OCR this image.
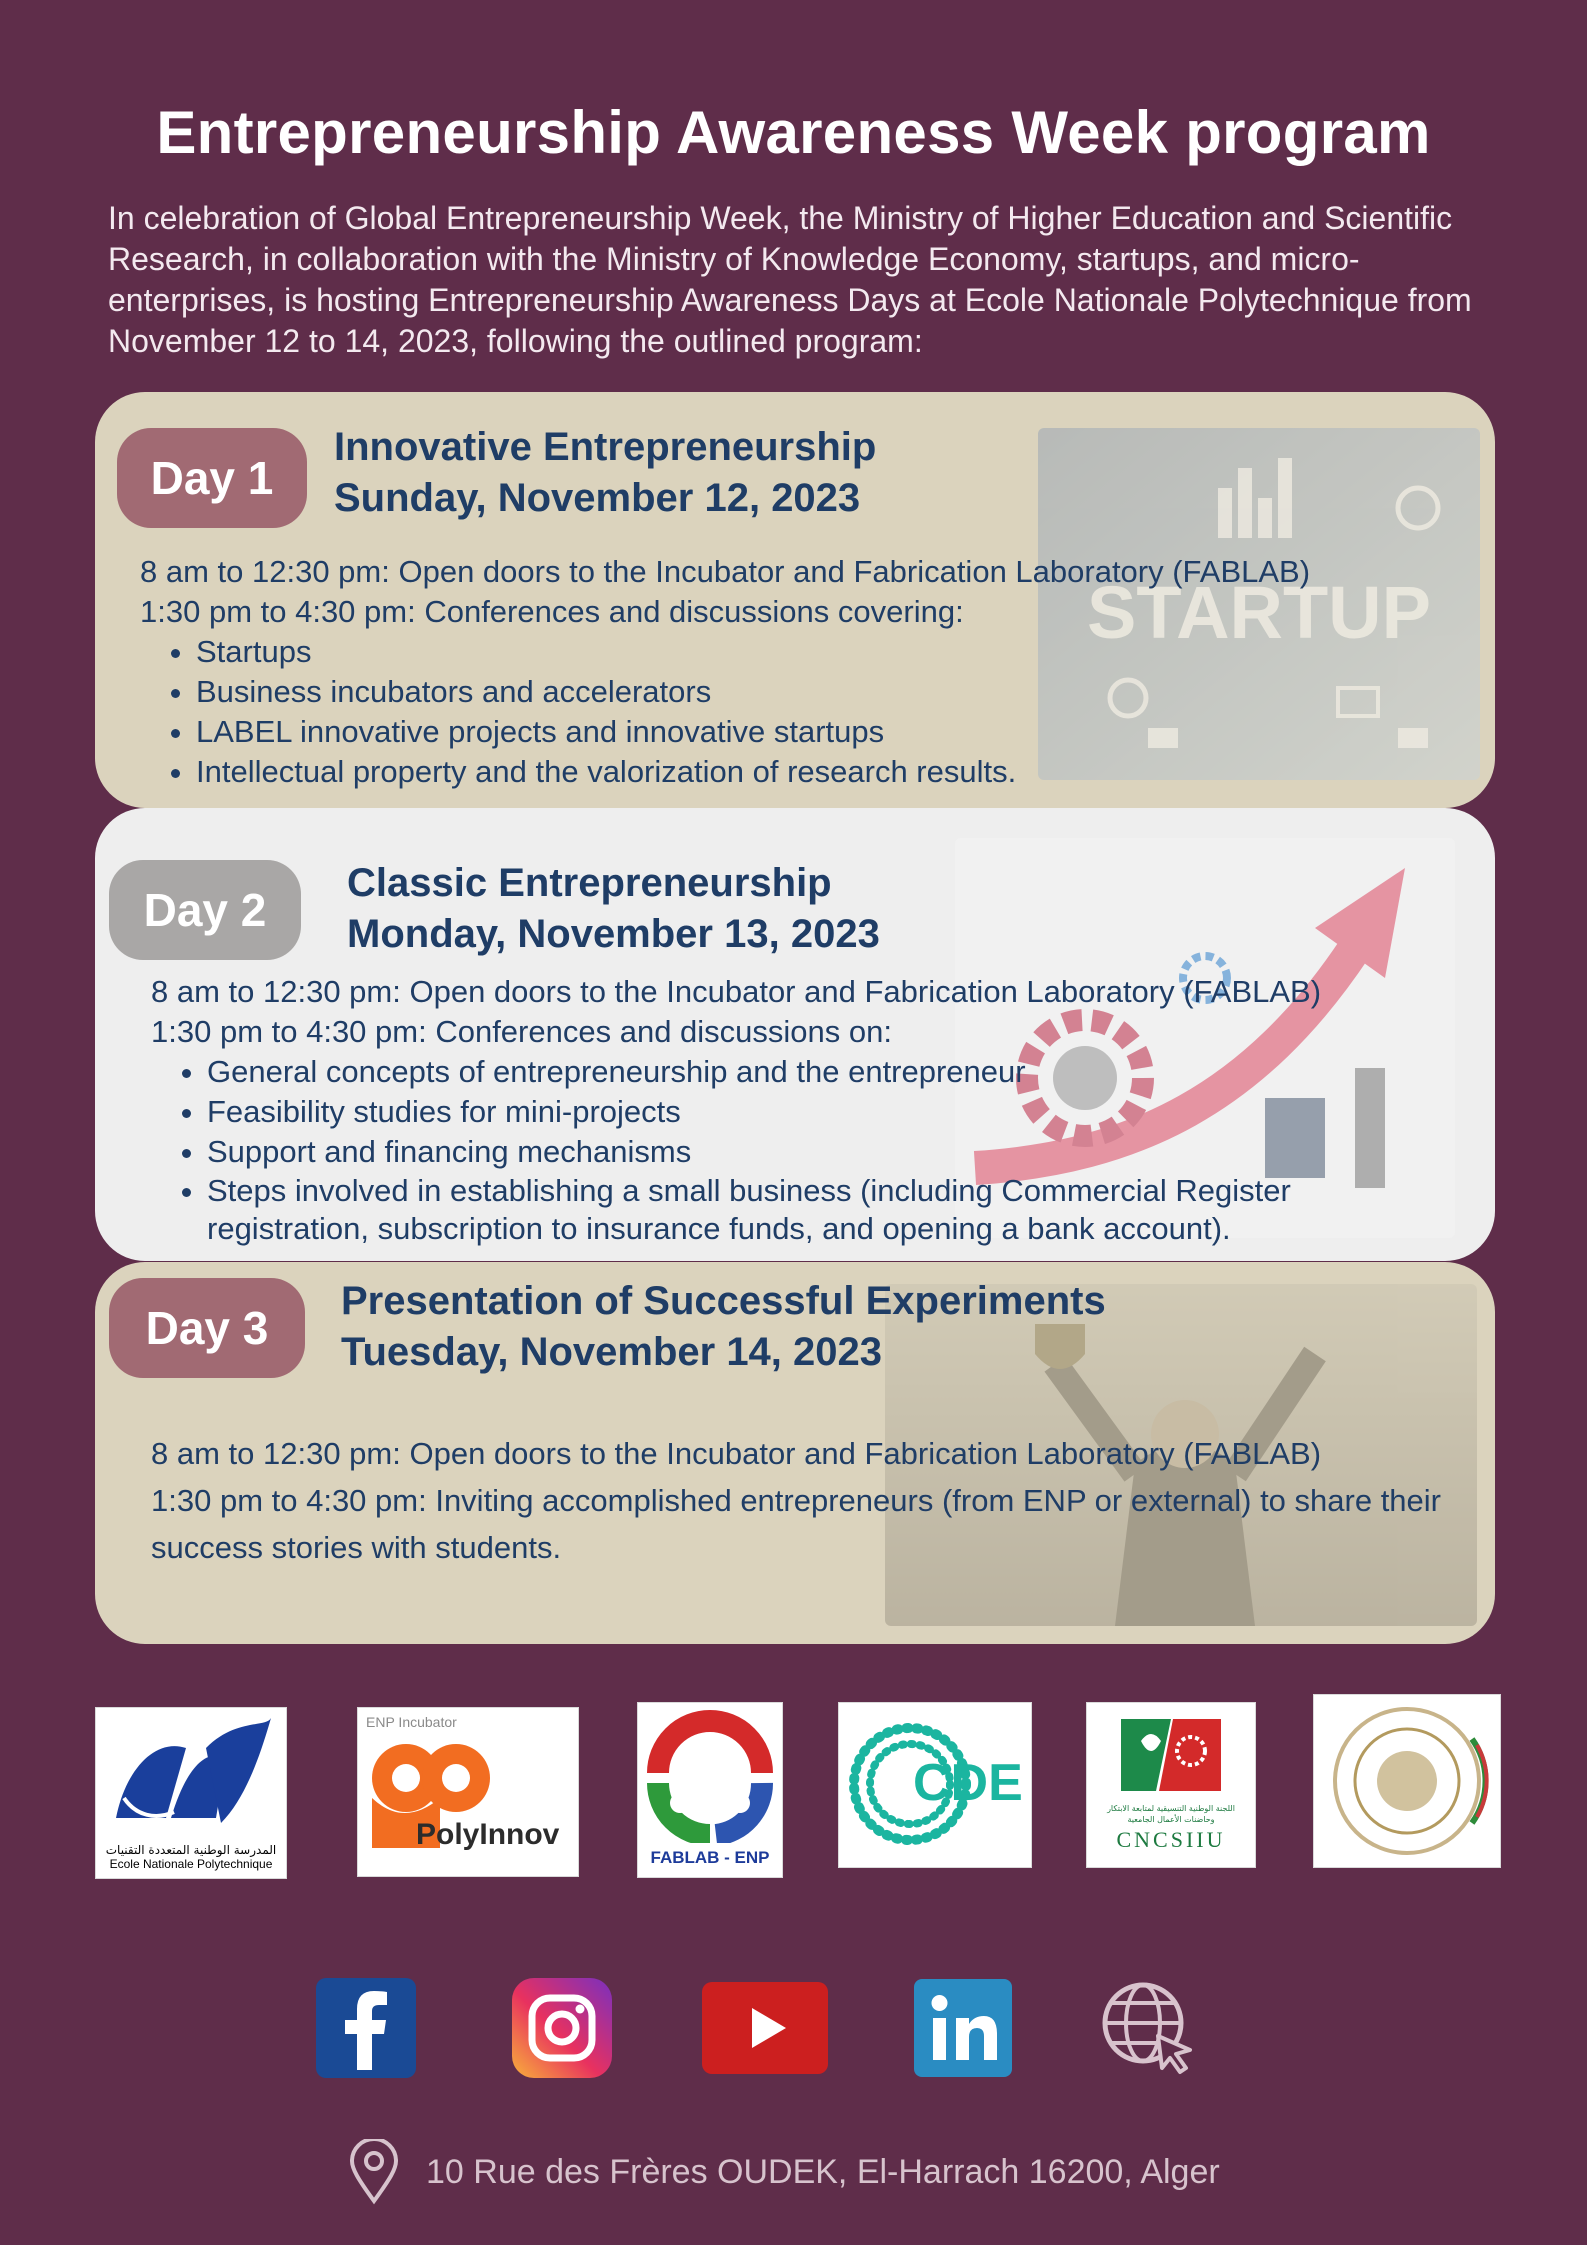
Entrepreneurship Awareness Week program

In celebration of Global Entrepreneurship Week, the Ministry of Higher Education and Scientific Research, in collaboration with the Ministry of Knowledge Economy, startups, and micro-enterprises, is hosting Entrepreneurship Awareness Days at Ecole Nationale Polytechnique from November 12 to 14, 2023, following the outlined program:

STARTUP
Day 1
Innovative Entrepreneurship
Sunday, November 12, 2023

8 am to 12:30 pm: Open doors to the Incubator and Fabrication Laboratory (FABLAB)

1:30 pm to 4:30 pm: Conferences and discussions covering:

• Startups
• Business incubators and accelerators
• LABEL innovative projects and innovative startups
• Intellectual property and the valorization of research results.
Day 2
Classic Entrepreneurship
Monday, November 13, 2023

8 am to 12:30 pm: Open doors to the Incubator and Fabrication Laboratory (FABLAB)

1:30 pm to 4:30 pm: Conferences and discussions on:

• General concepts of entrepreneurship and the entrepreneur
• Feasibility studies for mini-projects
• Support and financing mechanisms
• Steps involved in establishing a small business (including Commercial Register registration, subscription to insurance funds, and opening a bank account).
Day 3
Presentation of Successful Experiments
Tuesday, November 14, 2023

8 am to 12:30 pm: Open doors to the Incubator and Fabrication Laboratory (FABLAB)

1:30 pm to 4:30 pm: Inviting accomplished entrepreneurs (from ENP or external) to share their success stories with students.

المدرسة الوطنية المتعددة التقنيات
Ecole Nationale Polytechnique
ENP Incubator
PolyInnov
FABLAB - ENP
CDE	اللجنة الوطنية التنسيقية لمتابعة الابتكار وحاضنات الأعمال الجامعية
CNCSIIU
10 Rue des Frères OUDEK, El-Harrach 16200, Alger
